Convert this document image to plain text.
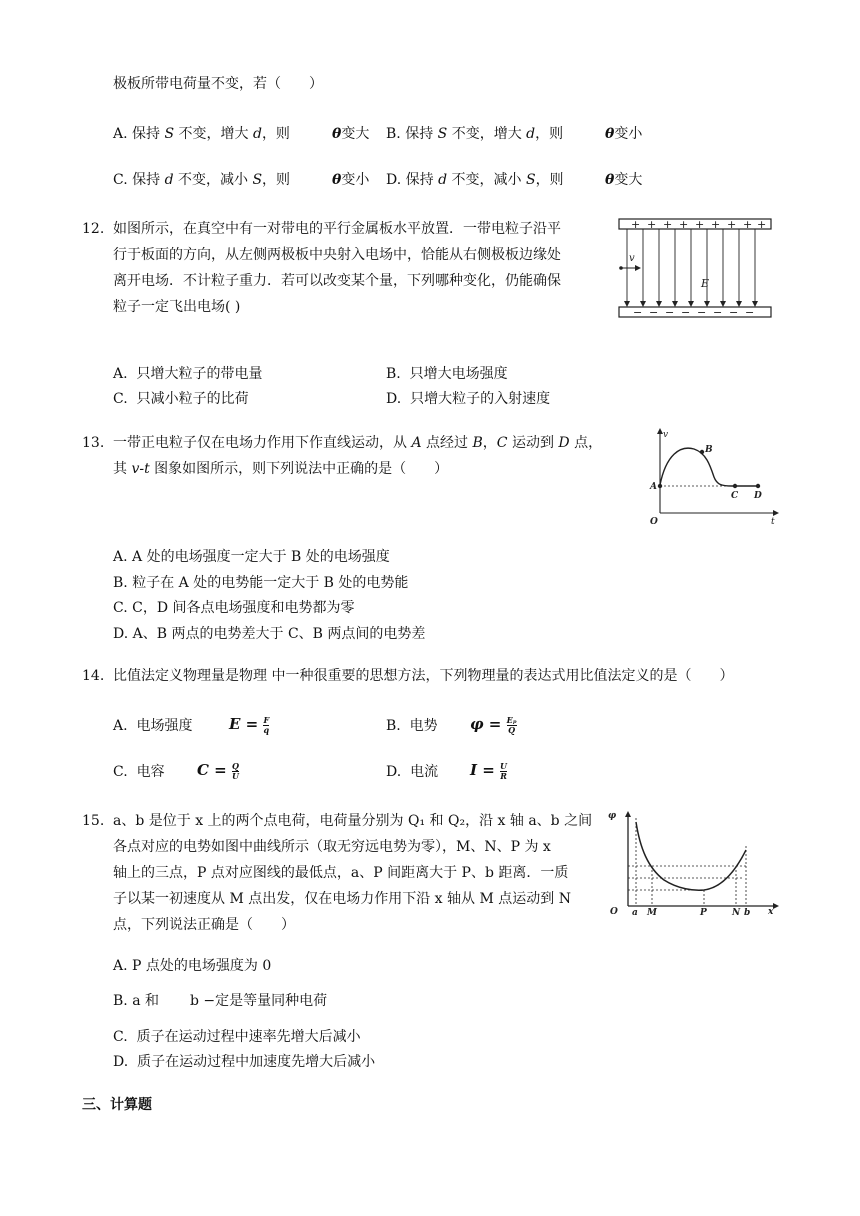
极板所带电荷量不变，若（　　）
A. 保持 S 不变，增大 d，则	θ变大 B. 保持 S 不变，增大 d，则	θ变小
C. 保持 d 不变，减小 S，则	θ变小 D. 保持 d 不变，减小 S，则	θ变大
12. 如图所示，在真空中有一对带电的平行金属板水平放置．一带电粒子沿平
行于板面的方向，从左侧两极板中央射入电场中，恰能从右侧极板边缘处
离开电场．不计粒子重力．若可以改变某个量，下列哪种变化，仍能确保
粒子一定飞出电场( )
+ + + + + + + + +
− − − − − − − −
v
E
A. 只增大粒子的带电量	B. 只增大电场强度
C. 只减小粒子的比荷	D. 只增大粒子的入射速度
13. 一带正电粒子仅在电场力作用下作直线运动，从 A 点经过 B，C 运动到 D 点，
其 v-t 图象如图所示，则下列说法中正确的是（　　）
v
t
O
A
B
C D
A. A 处的电场强度一定大于 B 处的电场强度
B. 粒子在 A 处的电势能一定大于 B 处的电势能
C. C，D 间各点电场强度和电势都为零
D. A、B 两点的电势差大于 C、B 两点间的电势差
14. 比值法定义物理量是物理 中一种很重要的思想方法，下列物理量的表达式用比值法定义的是（　　）
A. 电场强度 $E = \frac{F}{q}$	B. 电势 $\varphi = \frac{\text{Eₚ}}{Q}$
C. 电容 $C = \frac{Q}{U}$	D. 电流 $I = \frac{U}{R}$
15. a、b 是位于 x 上的两个点电荷，电荷量分别为 Q₁ 和 Q₂，沿 x 轴 a、b 之间
各点对应的电势如图中曲线所示（取无穷远电势为零），M、N、P 为 x
轴上的三点，P 点对应图线的最低点，a、P 间距离大于 P、b 距离．一质
子以某一初速度从 M 点出发，仅在电场力作用下沿 x 轴从 M 点运动到 N
点，下列说法正确是（　　）
φ
O a M	P	N b x
A. P 点处的电场强度为 0
B. a 和 b −定是等量同种电荷
C. 质子在运动过程中速率先增大后减小
D. 质子在运动过程中加速度先增大后减小
三、计算题
